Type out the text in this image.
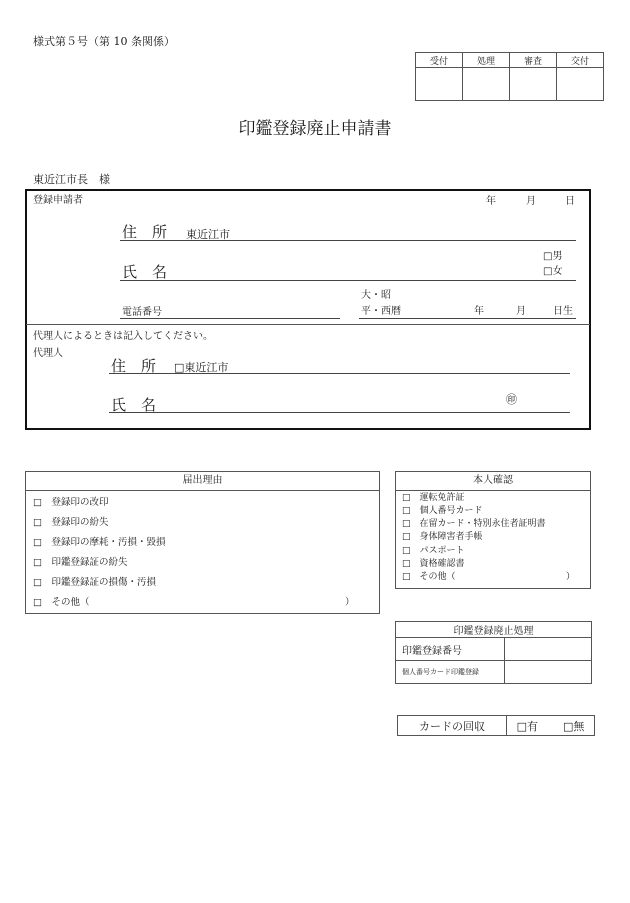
様式第５号（第 10 条関係）
受付	処理	審査	交付

印鑑登録廃止申請書
東近江市長　様
登録申請者	年	月	日
住　所 東近江市
□男
氏　名	□女
大・昭
電話番号	平・西暦	年	月	日生
代理人によるときは記入してください。
代理人
住　所 □東近江市
氏　名	㊞
届出理由
□　登録印の改印
□　登録印の紛失
□　登録印の摩耗・汚損・毀損
□　印鑑登録証の紛失
□　印鑑登録証の損傷・汚損
□　その他（	）
本人確認
□　運転免許証
□　個人番号カード
□　在留カード・特別永住者証明書
□　身体障害者手帳
□　パスポート
□　資格確認書
□　その他（	）
印鑑登録廃止処理	
印鑑登録番号	
個人番号カード印鑑登録	
カードの回収	□有 □無
